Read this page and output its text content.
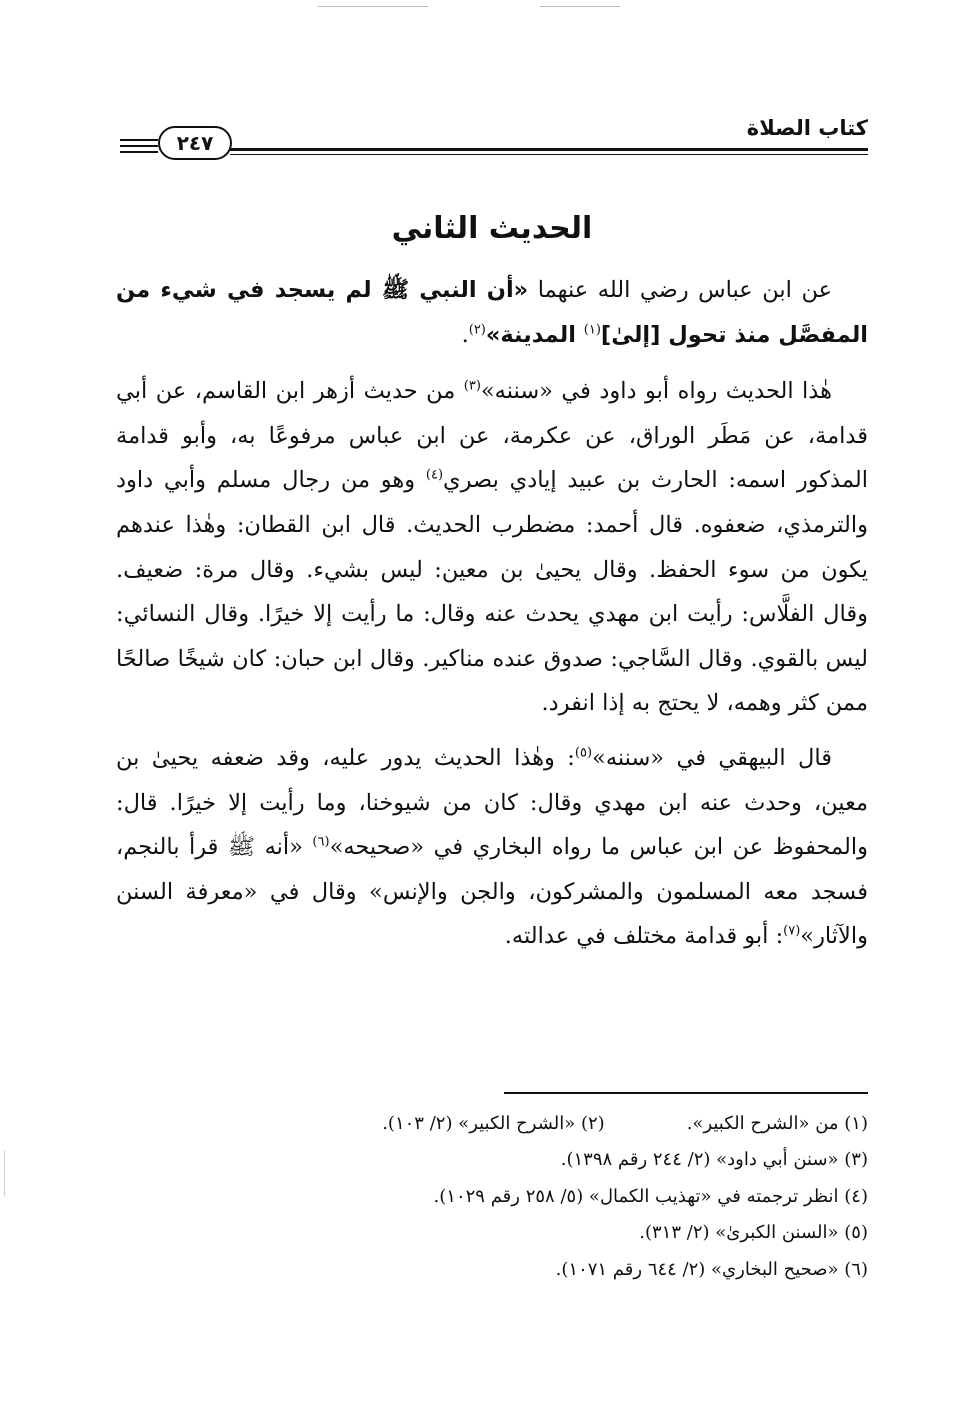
كتاب الصلاة
٢٤٧
الحديث الثاني

عن ابن عباس رضي الله عنهما «أن النبي ﷺ لم يسجد في شيء من المفصَّل منذ تحول [إلىٰ]$^{(١)}$ المدينة»$^{(٢)}$.

هٰذا الحديث رواه أبو داود في «سننه»$^{(٣)}$ من حديث أزهر ابن القاسم، عن أبي قدامة، عن مَطَر الوراق، عن عكرمة، عن ابن عباس مرفوعًا به، وأبو قدامة المذكور اسمه: الحارث بن عبيد إيادي بصري$^{(٤)}$ وهو من رجال مسلم وأبي داود والترمذي، ضعفوه. قال أحمد: مضطرب الحديث. قال ابن القطان: وهٰذا عندهم يكون من سوء الحفظ. وقال يحيىٰ بن معين: ليس بشيء. وقال مرة: ضعيف. وقال الفلَّاس: رأيت ابن مهدي يحدث عنه وقال: ما رأيت إلا خيرًا. وقال النسائي: ليس بالقوي. وقال السَّاجي: صدوق عنده مناكير. وقال ابن حبان: كان شيخًا صالحًا ممن كثر وهمه، لا يحتج به إذا انفرد.

قال البيهقي في «سننه»$^{(٥)}$: وهٰذا الحديث يدور عليه، وقد ضعفه يحيىٰ بن معين، وحدث عنه ابن مهدي وقال: كان من شيوخنا، وما رأيت إلا خيرًا. قال: والمحفوظ عن ابن عباس ما رواه البخاري في «صحيحه»$^{(٦)}$ «أنه ﷺ قرأ بالنجم، فسجد معه المسلمون والمشركون، والجن والإنس» وقال في «معرفة السنن والآثار»$^{(٧)}$: أبو قدامة مختلف في عدالته.

(١) من «الشرح الكبير».
(٢) «الشرح الكبير» (٢/ ١٠٣).
(٣) «سنن أبي داود» (٢/ ٢٤٤ رقم ١٣٩٨).
(٤) انظر ترجمته في «تهذيب الكمال» (٥/ ٢٥٨ رقم ١٠٢٩).
(٥) «السنن الكبرىٰ» (٢/ ٣١٣).
(٦) «صحيح البخاري» (٢/ ٦٤٤ رقم ١٠٧١).
